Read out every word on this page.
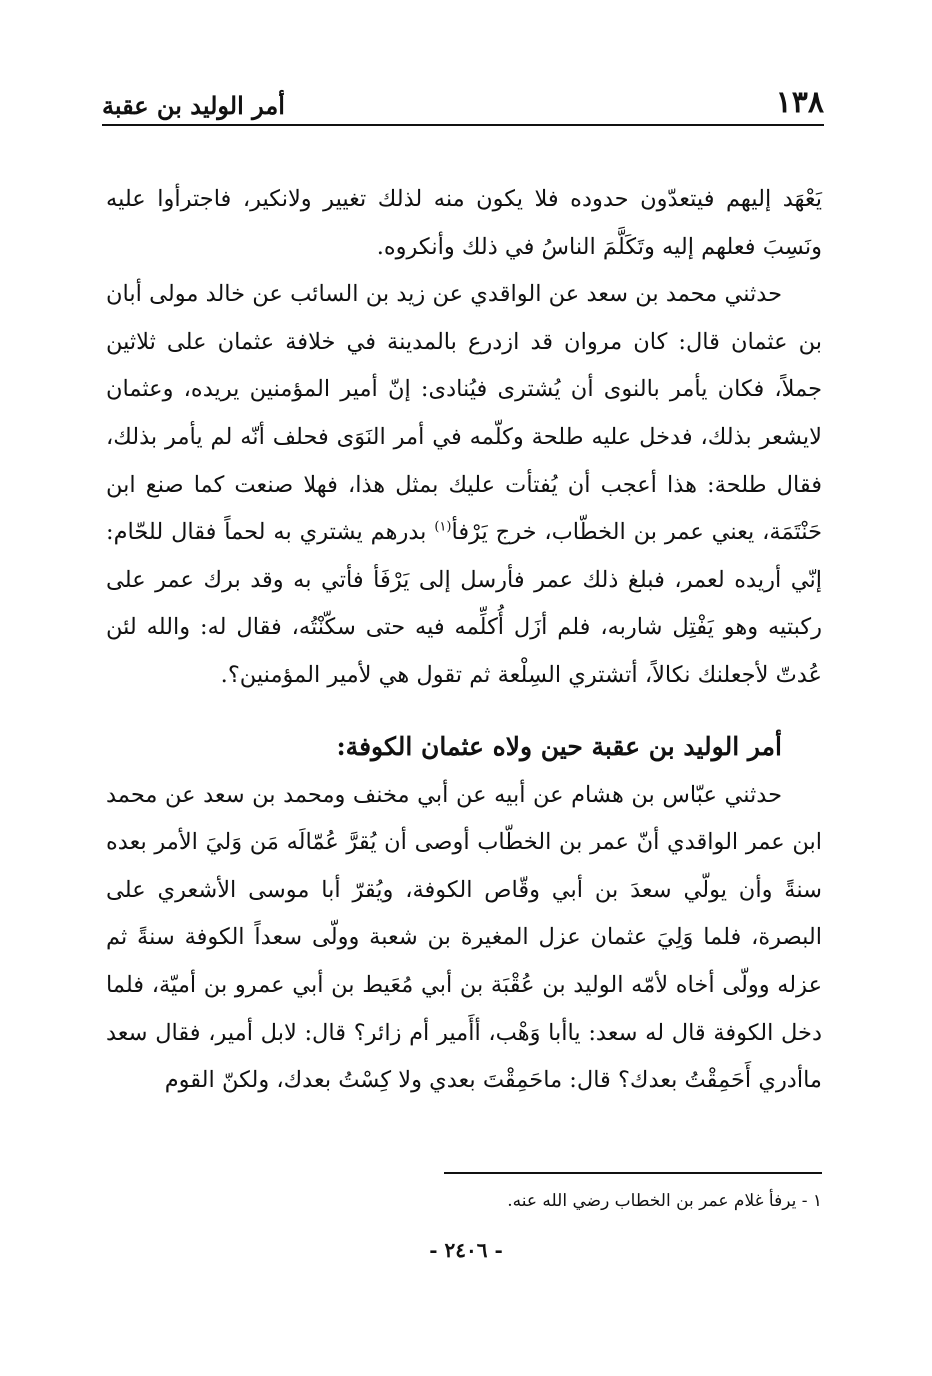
١٣٨
أمر الوليد بن عقبة

يَعْهَد إليهم فيتعدّون حدوده فلا يكون منه لذلك تغيير ولانكير، فاجترأوا عليه ونَسِبَ فعلهم إليه وتَكَلَّمَ الناسُ في ذلك وأنكروه.

حدثني محمد بن سعد عن الواقدي عن زيد بن السائب عن خالد مولى أبان بن عثمان قال: كان مروان قد ازدرع بالمدينة في خلافة عثمان على ثلاثين جملاً، فكان يأمر بالنوى أن يُشترى فيُنادى: إنّ أمير المؤمنين يريده، وعثمان لايشعر بذلك، فدخل عليه طلحة وكلّمه في أمر النَوَى فحلف أنّه لم يأمر بذلك، فقال طلحة: هذا أعجب أن يُفتأت عليك بمثل هذا، فهلا صنعت كما صنع ابن حَنْتَمَة، يعني عمر بن الخطّاب، خرج يَرْفأ$^{(١)}$ بدرهم يشتري به لحماً فقال للحّام: إنّي أريده لعمر، فبلغ ذلك عمر فأرسل إلى يَرْفَأ فأتي به وقد برك عمر على ركبتيه وهو يَفْتِل شاربه، فلم أزَل أُكلِّمه فيه حتى سكّنْتُه، فقال له: والله لئن عُدتّ لأجعلنك نكالاً، أتشتري السِلْعة ثم تقول هي لأمير المؤمنين؟.

أمر الوليد بن عقبة حين ولاه عثمان الكوفة:

حدثني عبّاس بن هشام عن أبيه عن أبي مخنف ومحمد بن سعد عن محمد ابن عمر الواقدي أنّ عمر بن الخطّاب أوصى أن يُقرَّ عُمّالَه مَن وَليَ الأمر بعده سنةً وأن يولّي سعدَ بن أبي وقّاص الكوفة، ويُقرّ أبا موسى الأشعري على البصرة، فلما وَلِيَ عثمان عزل المغيرة بن شعبة وولّى سعداً الكوفة سنةً ثم عزله وولّى أخاه لأمّه الوليد بن عُقْبَة بن أبي مُعَيط بن أبي عمرو بن أميّة، فلما دخل الكوفة قال له سعد: ياأبا وَهْب، أأَمير أم زائر؟ قال: لابل أمير، فقال سعد ماأدري أَحَمِقْتُ بعدك؟ قال: ماحَمِقْتَ بعدي ولا كِسْتُ بعدك، ولكنّ القوم

١ - يرفأ غلام عمر بن الخطاب رضي الله عنه.
- ٢٤٠٦ -
